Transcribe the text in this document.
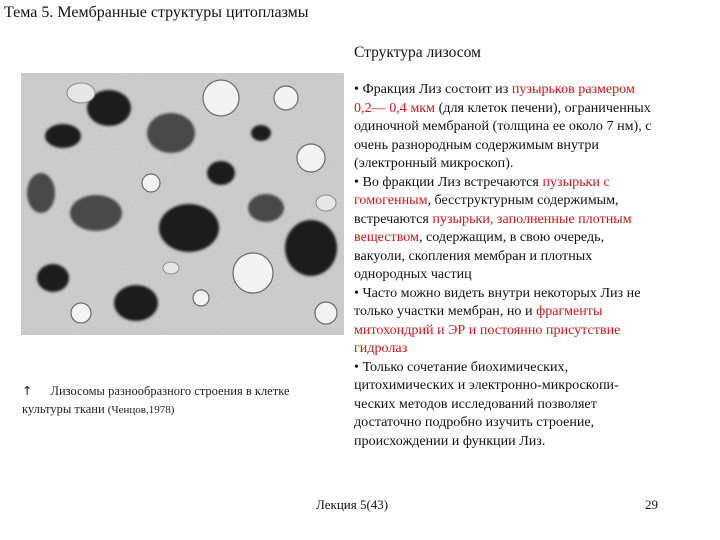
Тема 5. Мембранные структуры цитоплазмы
Структура лизосом
↑ Лизосомы разнообразного строения в клетке
культуры ткани (Ченцов,1978)
• Фракция Лиз состоит из пузырьков размером
0,2— 0,4 мкм (для клеток печени), ограниченных
одиночной мембраной (толщина ее около 7 нм), с
очень разнородным содержимым внутри
(электронный микроскоп).
• Во фракции Лиз встречаются пузырьки с
гомогенным, бесструктурным содержимым,
встречаются пузырьки, заполненные плотным
веществом, содержащим, в свою очередь,
вакуоли, скопления мембран и плотных
однородных частиц
• Часто можно видеть внутри некоторых Лиз не
только участки мембран, но и фрагменты
митохондрий и ЭР и постоянно присутствие
гидролаз
• Только сочетание биохимических,
цитохимических и электронно-микроскопи-
ческих методов исследований позволяет
достаточно подробно изучить строение,
происхождении и функции Лиз.
Лекция 5(43)	29
